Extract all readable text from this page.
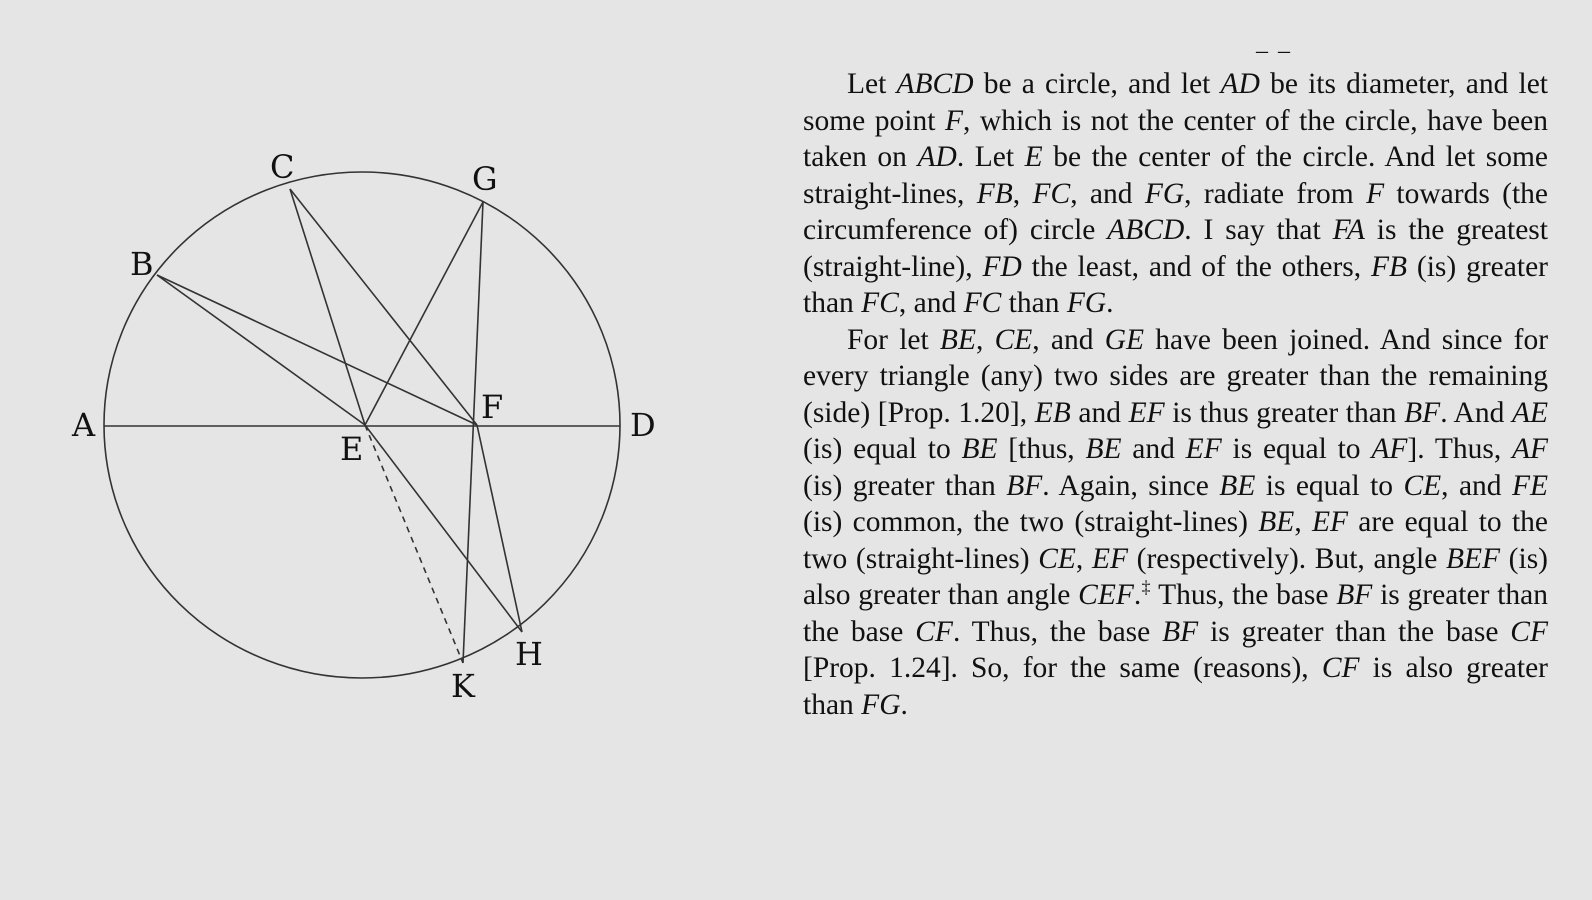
– –
A
B
C
D
E
F
G
H
K

Let ABCD be a circle, and let AD be its diameter, and let some point F, which is not the center of the circle, have been taken on AD. Let E be the center of the circle. And let some straight-lines, FB, FC, and FG, radiate from F towards (the circumference of) circle ABCD. I say that FA is the greatest (straight-line), FD the least, and of the others, FB (is) greater than FC, and FC than FG.

For let BE, CE, and GE have been joined. And since for every triangle (any) two sides are greater than the remaining (side) [Prop. 1.20], EB and EF is thus greater than BF. And AE (is) equal to BE [thus, BE and EF is equal to AF]. Thus, AF (is) greater than BF. Again, since BE is equal to CE, and FE (is) common, the two (straight-lines) BE, EF are equal to the two (straight-lines) CE, EF (respectively). But, angle BEF (is) also greater than angle CEF.‡ Thus, the base BF is greater than the base CF. Thus, the base BF is greater than the base CF [Prop. 1.24]. So, for the same (reasons), CF is also greater than FG.
